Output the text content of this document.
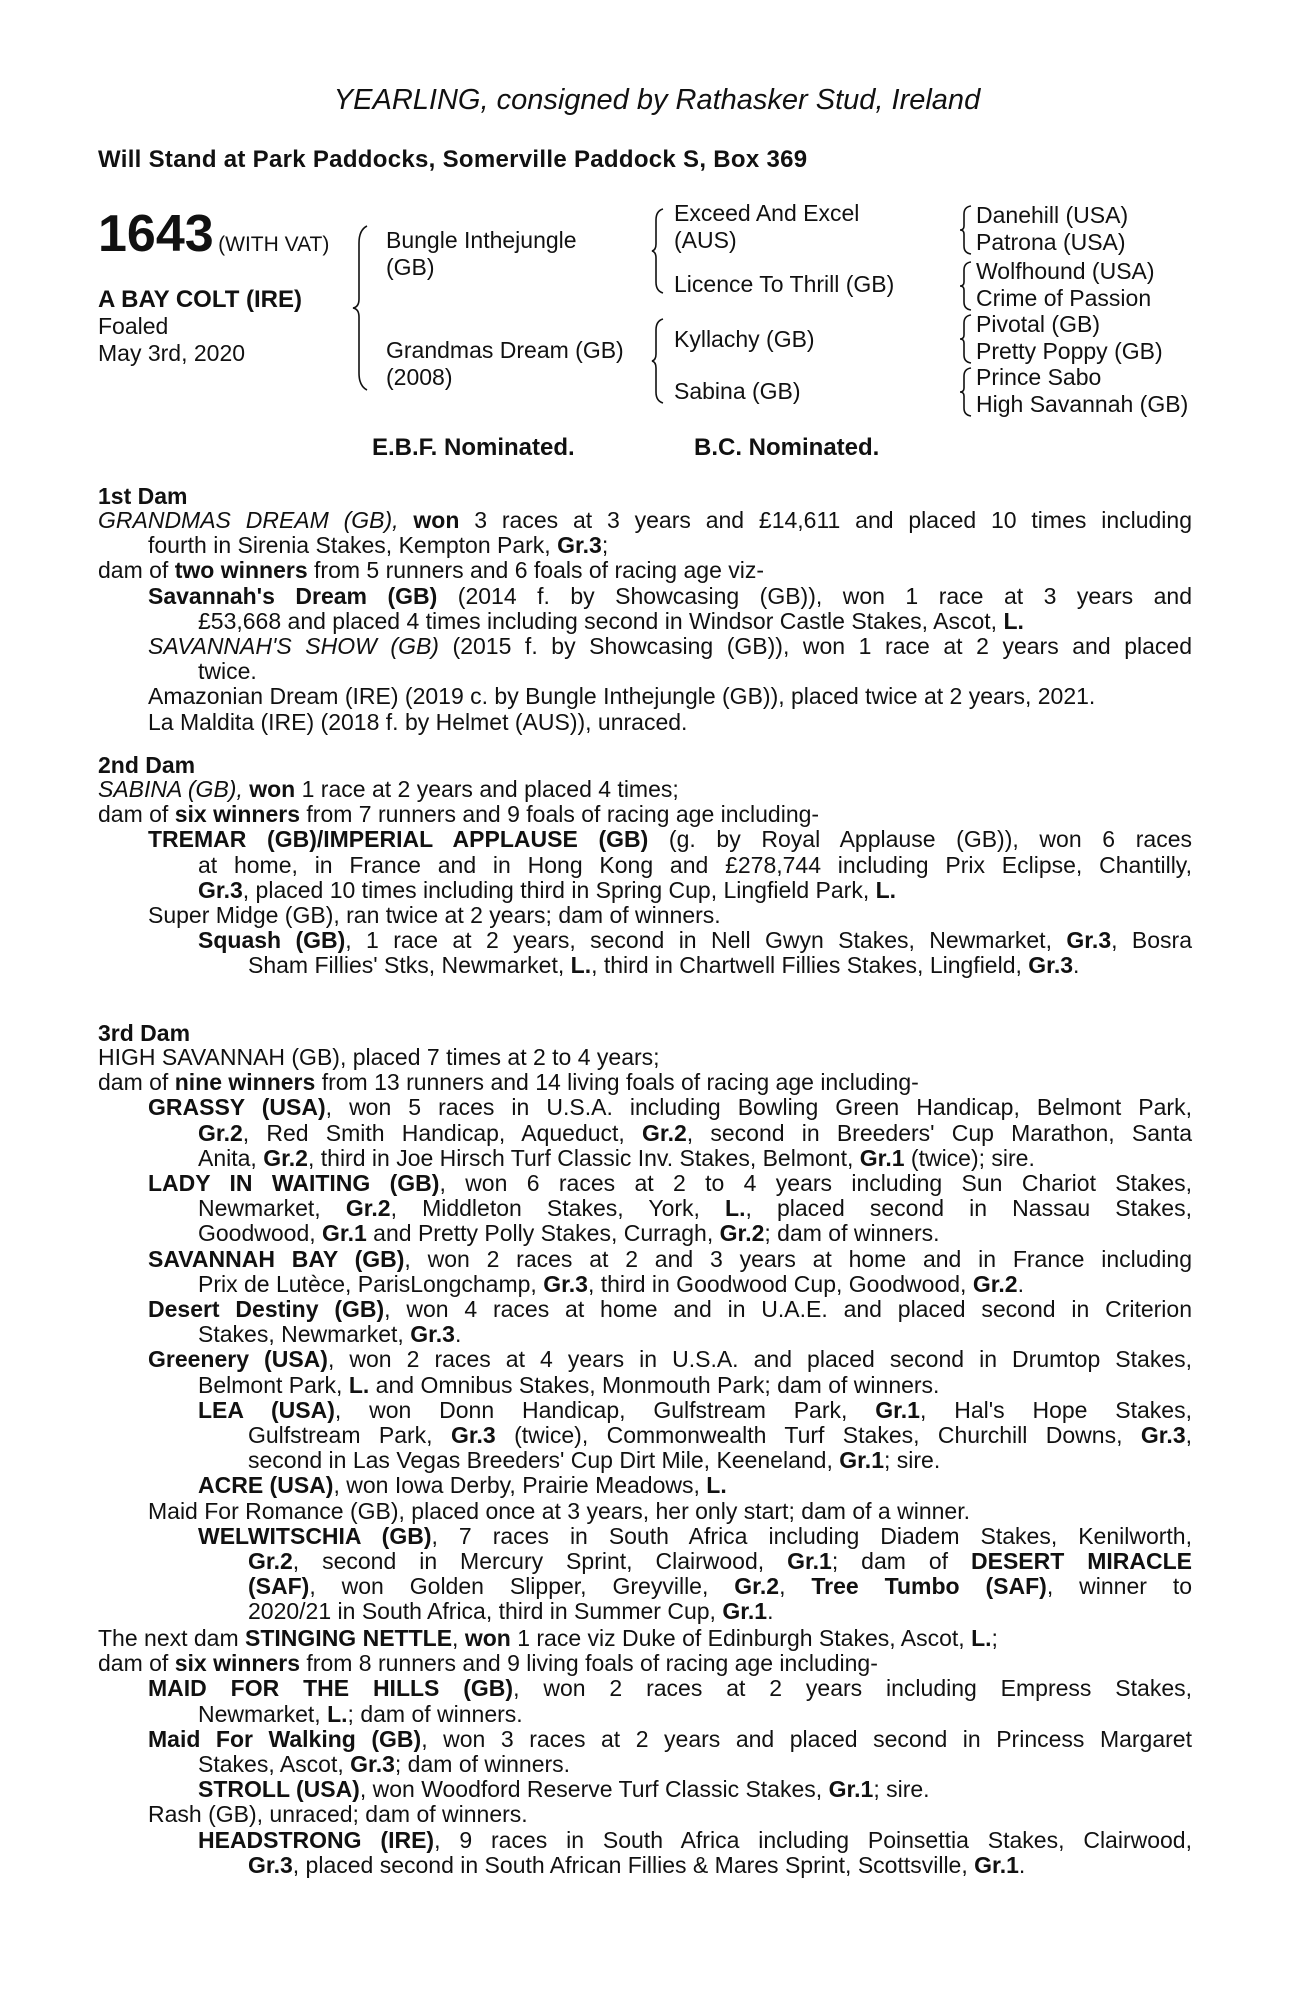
YEARLING, consigned by Rathasker Stud, Ireland
Will Stand at Park Paddocks, Somerville Paddock S, Box 369
1643 (WITH VAT)
A BAY COLT (IRE)
Foaled
May 3rd, 2020
Bungle Inthejungle
(GB)
Grandmas Dream (GB)
(2008)
Exceed And Excel
(AUS)
Licence To Thrill (GB)
Kyllachy (GB)
Sabina (GB)
Danehill (USA)
Patrona (USA)
Wolfhound (USA)
Crime of Passion
Pivotal (GB)
Pretty Poppy (GB)
Prince Sabo
High Savannah (GB)
E.B.F. Nominated.	B.C. Nominated.
1st Dam
GRANDMAS DREAM (GB), won 3 races at 3 years and £14,611 and placed 10 times including
fourth in Sirenia Stakes, Kempton Park, Gr.3;
dam of two winners from 5 runners and 6 foals of racing age viz-
Savannah's Dream (GB) (2014 f. by Showcasing (GB)), won 1 race at 3 years and
£53,668 and placed 4 times including second in Windsor Castle Stakes, Ascot, L.
SAVANNAH'S SHOW (GB) (2015 f. by Showcasing (GB)), won 1 race at 2 years and placed
twice.
Amazonian Dream (IRE) (2019 c. by Bungle Inthejungle (GB)), placed twice at 2 years, 2021.
La Maldita (IRE) (2018 f. by Helmet (AUS)), unraced.
2nd Dam
SABINA (GB), won 1 race at 2 years and placed 4 times;
dam of six winners from 7 runners and 9 foals of racing age including-
TREMAR (GB)/IMPERIAL APPLAUSE (GB) (g. by Royal Applause (GB)), won 6 races
at home, in France and in Hong Kong and £278,744 including Prix Eclipse, Chantilly,
Gr.3, placed 10 times including third in Spring Cup, Lingfield Park, L.
Super Midge (GB), ran twice at 2 years; dam of winners.
Squash (GB), 1 race at 2 years, second in Nell Gwyn Stakes, Newmarket, Gr.3, Bosra
Sham Fillies' Stks, Newmarket, L., third in Chartwell Fillies Stakes, Lingfield, Gr.3.
3rd Dam
HIGH SAVANNAH (GB), placed 7 times at 2 to 4 years;
dam of nine winners from 13 runners and 14 living foals of racing age including-
GRASSY (USA), won 5 races in U.S.A. including Bowling Green Handicap, Belmont Park,
Gr.2, Red Smith Handicap, Aqueduct, Gr.2, second in Breeders' Cup Marathon, Santa
Anita, Gr.2, third in Joe Hirsch Turf Classic Inv. Stakes, Belmont, Gr.1 (twice); sire.
LADY IN WAITING (GB), won 6 races at 2 to 4 years including Sun Chariot Stakes,
Newmarket, Gr.2, Middleton Stakes, York, L., placed second in Nassau Stakes,
Goodwood, Gr.1 and Pretty Polly Stakes, Curragh, Gr.2; dam of winners.
SAVANNAH BAY (GB), won 2 races at 2 and 3 years at home and in France including
Prix de Lutèce, ParisLongchamp, Gr.3, third in Goodwood Cup, Goodwood, Gr.2.
Desert Destiny (GB), won 4 races at home and in U.A.E. and placed second in Criterion
Stakes, Newmarket, Gr.3.
Greenery (USA), won 2 races at 4 years in U.S.A. and placed second in Drumtop Stakes,
Belmont Park, L. and Omnibus Stakes, Monmouth Park; dam of winners.
LEA (USA), won Donn Handicap, Gulfstream Park, Gr.1, Hal's Hope Stakes,
Gulfstream Park, Gr.3 (twice), Commonwealth Turf Stakes, Churchill Downs, Gr.3,
second in Las Vegas Breeders' Cup Dirt Mile, Keeneland, Gr.1; sire.
ACRE (USA), won Iowa Derby, Prairie Meadows, L.
Maid For Romance (GB), placed once at 3 years, her only start; dam of a winner.
WELWITSCHIA (GB), 7 races in South Africa including Diadem Stakes, Kenilworth,
Gr.2, second in Mercury Sprint, Clairwood, Gr.1; dam of DESERT MIRACLE
(SAF), won Golden Slipper, Greyville, Gr.2, Tree Tumbo (SAF), winner to
2020/21 in South Africa, third in Summer Cup, Gr.1.
The next dam STINGING NETTLE, won 1 race viz Duke of Edinburgh Stakes, Ascot, L.;
dam of six winners from 8 runners and 9 living foals of racing age including-
MAID FOR THE HILLS (GB), won 2 races at 2 years including Empress Stakes,
Newmarket, L.; dam of winners.
Maid For Walking (GB), won 3 races at 2 years and placed second in Princess Margaret
Stakes, Ascot, Gr.3; dam of winners.
STROLL (USA), won Woodford Reserve Turf Classic Stakes, Gr.1; sire.
Rash (GB), unraced; dam of winners.
HEADSTRONG (IRE), 9 races in South Africa including Poinsettia Stakes, Clairwood,
Gr.3, placed second in South African Fillies & Mares Sprint, Scottsville, Gr.1.
